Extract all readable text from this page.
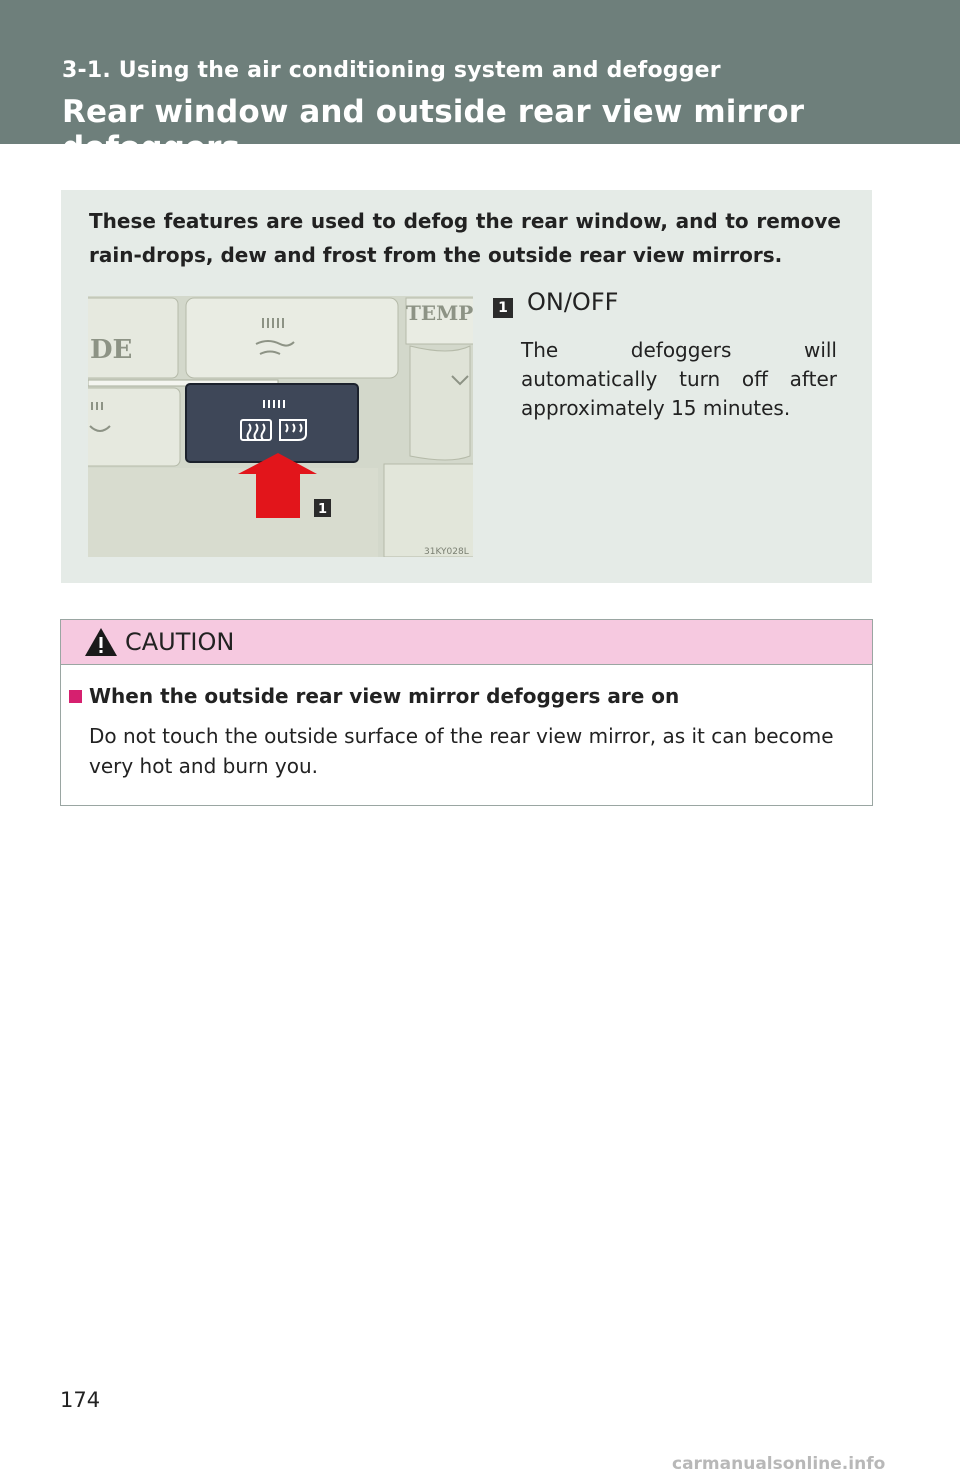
3-1. Using the air conditioning system and defogger
Rear window and outside rear view mirror defoggers
These features are used to defog the rear window, and to remove rain-drops, dew and frost from the outside rear view mirrors.
DE
TEMP
1
31KY028L
1 ON/OFF
The defoggers will automatically turn off after approximately 15 minutes.
CAUTION
When the outside rear view mirror defoggers are on
Do not touch the outside surface of the rear view mirror, as it can become very hot and burn you.
174
carmanualsonline.info
